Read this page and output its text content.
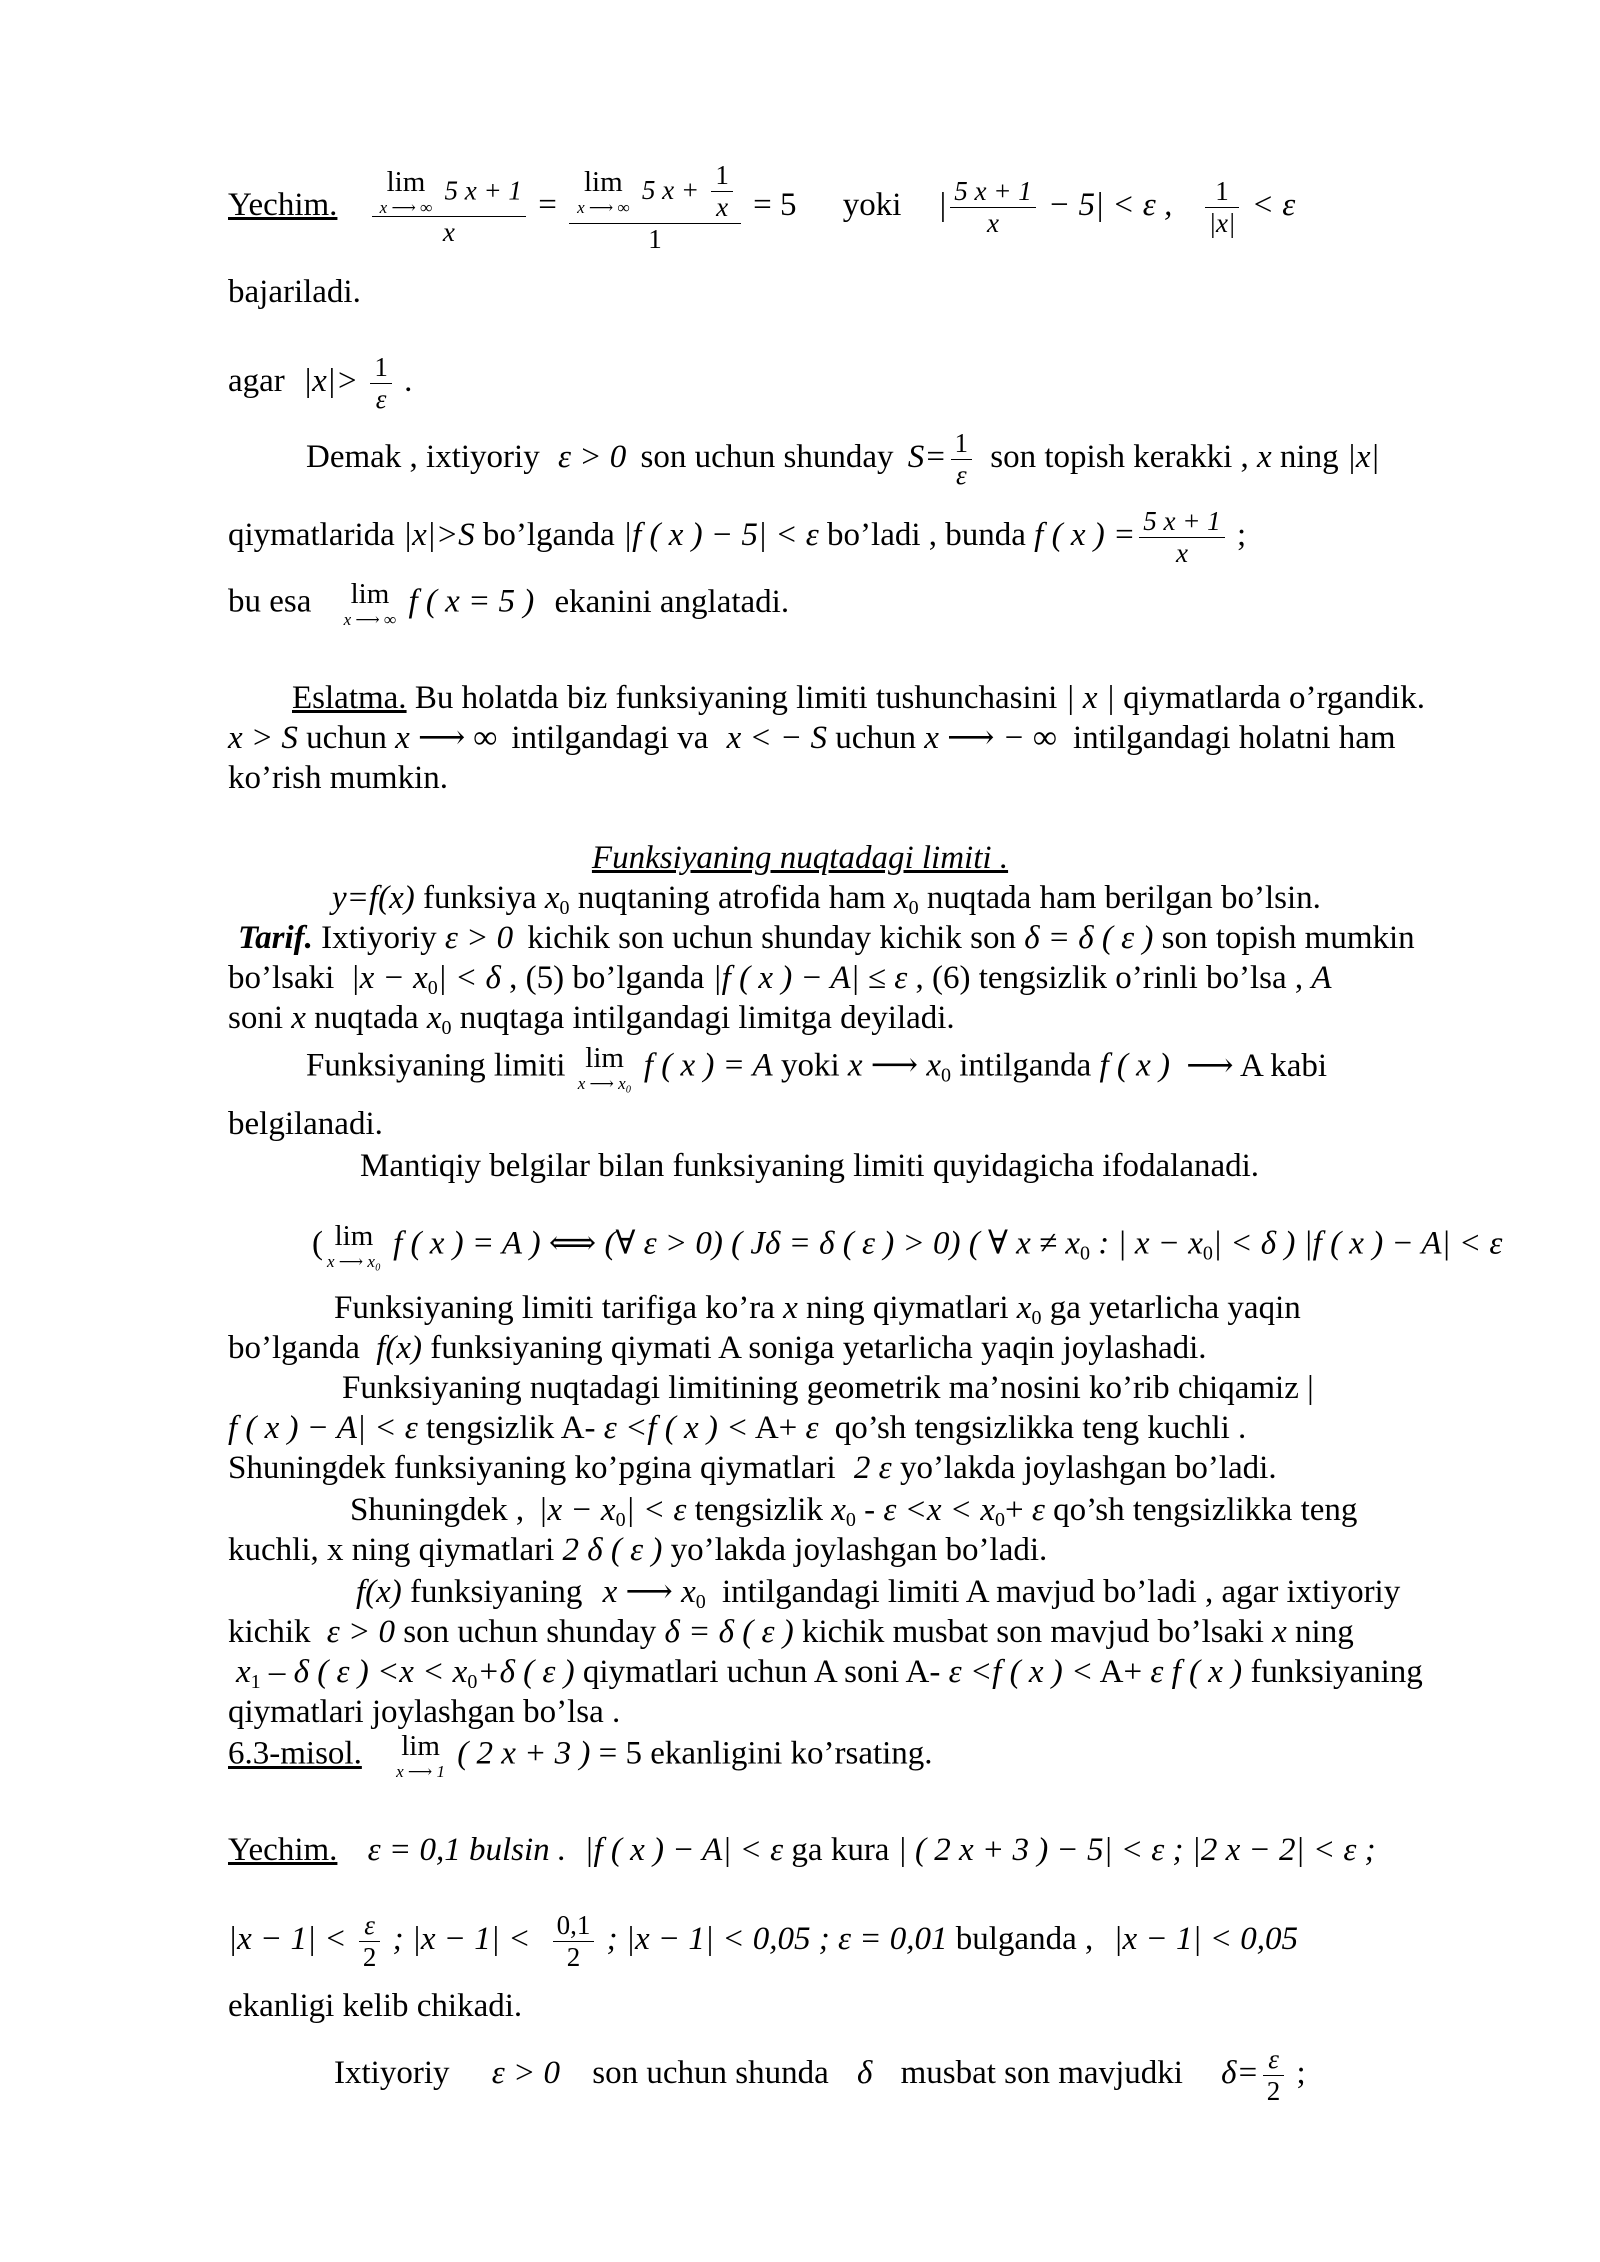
Yechim. lim
x ⟶ ∞
5 x + 1
x =
lim
x ⟶ ∞
5 $x + \frac{1}{x}$
1
= 5 yoki | $\frac{5 x + 1}{x} - 5| < \varepsilon$ , $\frac{1}{|x|} < \varepsilon$
bajariladi.
agar $|x|> \frac{1}{\varepsilon}$ .
Demak , ixtiyoriy ε > 0 son uchun shunday $S= \frac{1}{\varepsilon}$ son topish kerakki , x ning |x|
qiymatlarida |x|>S bo’lganda |f ( x ) − 5| < ε bo’ladi , bunda f ( x ) = $\frac{5 x + 1}{x}$ ;
bu esa lim
x ⟶ ∞ f ( x = 5 ) ekanini anglatadi.
Eslatma. Bu holatda biz funksiyaning limiti tushunchasini | x | qiymatlarda o’rgandik.
x > S uchun x ⟶ ∞ intilgandagi va x < − S uchun x ⟶ − ∞ intilgandagi holatni ham
ko’rish mumkin.
Funksiyaning nuqtadagi limiti .
y=f(x) funksiya $x_0$ nuqtaning atrofida ham $x_0$ nuqtada ham berilgan bo’lsin.
Tarif. Ixtiyoriy ε > 0 kichik son uchun shunday kichik son δ = δ ( ε ) son topish mumkin
bo’lsaki $|x - x_0| < \delta$ , (5) bo’lganda |f ( x ) − A| ≤ ε , (6) tengsizlik o’rinli bo’lsa , A
soni x nuqtada $x_0$ nuqtaga intilgandagi limitga deyiladi.
Funksiyaning limiti lim
x ⟶ x₀ f ( x ) = A yoki x ⟶ $x_0$ intilganda f ( x ) ⟶ A kabi
belgilanadi.
Mantiqiy belgilar bilan funksiyaning limiti quyidagicha ifodalanadi.
( lim
x ⟶ x₀ f ( x ) = A ) ⟺ (∀ ε > 0) ( Jδ = δ ( ε ) > 0) ( ∀ $x \ne x_0$ : | $x - x_0| < \delta$ ) |f ( x ) − A| < ε
Funksiyaning limiti tarifiga ko’ra x ning qiymatlari $x_0$ ga yetarlicha yaqin
bo’lganda f(x) funksiyaning qiymati A soniga yetarlicha yaqin joylashadi.
Funksiyaning nuqtadagi limitining geometrik ma’nosini ko’rib chiqamiz |
f ( x ) − A| < ε tengsizlik A- ε <f ( x ) < A+ ε qo’sh tengsizlikka teng kuchli .
Shuningdek funksiyaning ko’pgina qiymatlari 2 ε yo’lakda joylashgan bo’ladi.
Shuningdek , $|x - x_0| < \varepsilon$ tengsizlik $x_0 - \varepsilon <x < x_0+ \varepsilon$ qo’sh tengsizlikka teng
kuchli, x ning qiymatlari 2 δ ( ε ) yo’lakda joylashgan bo’ladi.
f(x) funksiyaning x ⟶ $x_0$ intilgandagi limiti A mavjud bo’ladi , agar ixtiyoriy
kichik ε > 0 son uchun shunday δ = δ ( ε ) kichik musbat son mavjud bo’lsaki x ning
$x_1$ – δ ( ε ) $<x < x_0+\delta$ ( ε ) qiymatlari uchun A soni A- ε <f ( x ) < A+ ε f ( x ) funksiyaning
qiymatlari joylashgan bo’lsa .
6.3-misol. lim
x ⟶ 1 ( 2 x + 3 ) = 5 ekanligini ko’rsating.
Yechim. ε = 0,1 bulsin . |f ( x ) − A| < ε ga kura | ( 2 x + 3 ) − 5| < ε ; |2 x − 2| < ε ;
$|x - 1| < \frac{\varepsilon}{2}$ ; $|x - 1| < \frac{0,1}{2}$ ; |x − 1| < 0,05 ; ε = 0,01 bulganda , |x − 1| < 0,05
ekanligi kelib chikadi.
Ixtiyoriy ε > 0 son uchun shunda δ musbat son mavjudki $\delta= \frac{\varepsilon}{2}$ ;
